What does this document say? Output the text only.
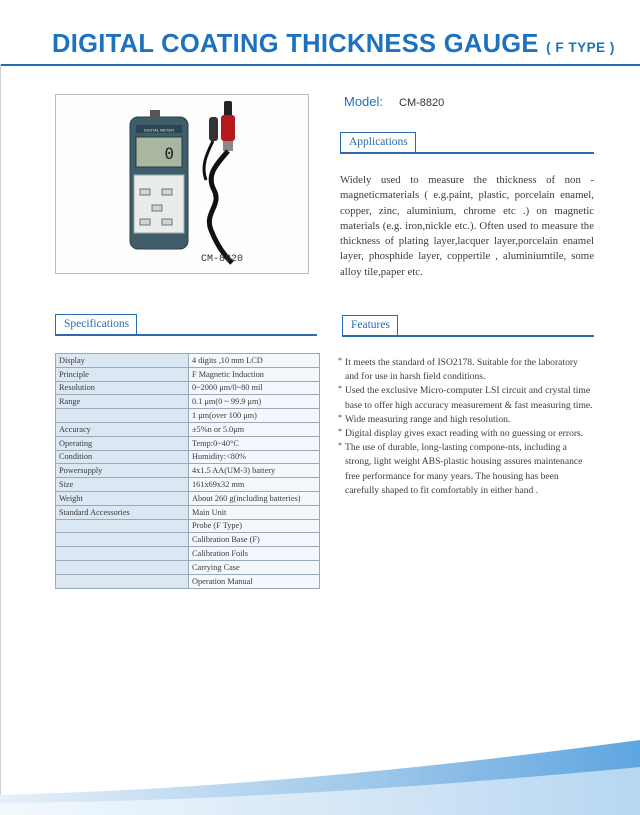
DIGITAL COATING THICKNESS GAUGE ( F TYPE )
DIGITAL METER
0
CM-8820
Model: CM-8820
Applications
Widely used to measure the thickness of non - magneticmaterials ( e.g.paint, plastic, porcelain enamel, copper, zinc, aluminium, chrome etc .) on magnetic materials (e.g. iron,nickle etc.). Often used to measure the thickness of plating layer,lacquer layer,porcelain enamel layer, phosphide layer, coppertile , aluminiumtile, some alloy tile,paper etc.
Specifications
Display	4 digits ,10 mm LCD
Principle	F Magnetic Induction
Resolution	0~2000 μm/0~80 mil
Range	0.1 μm(0 ~ 99.9 μm)
	1 μm(over 100 μm)
Accuracy	±5%n or 5.0μm
Operating	Temp:0~40°C
Condition	Humidity:<80%
Powersupply	4x1.5 AA(UM-3) battery
Size	161x69x32 mm
Weight	About 260 g(including batteries)
Standard Accessories	Main Unit
	Probe (F Type)
	Calibration Base (F)
	Calibration Foils
	Carrying Case
	Operation Manual
Features
* It meets the standard of ISO2178. Suitable for the laboratory and for use in harsh field conditions.
* Used the exclusive Micro-computer LSI circuit and crystal time base to offer high accuracy measurement & fast measuring time.
* Wide measuring range and high resolution.
* Digital display gives exact reading with no guessing or errors.
* The use of durable, long-lasting compone-nts, including a strong, light weight ABS-plastic housing assures maintenance free performance for many years. The housing has been carefully shaped to fit comfortably in either hand .
